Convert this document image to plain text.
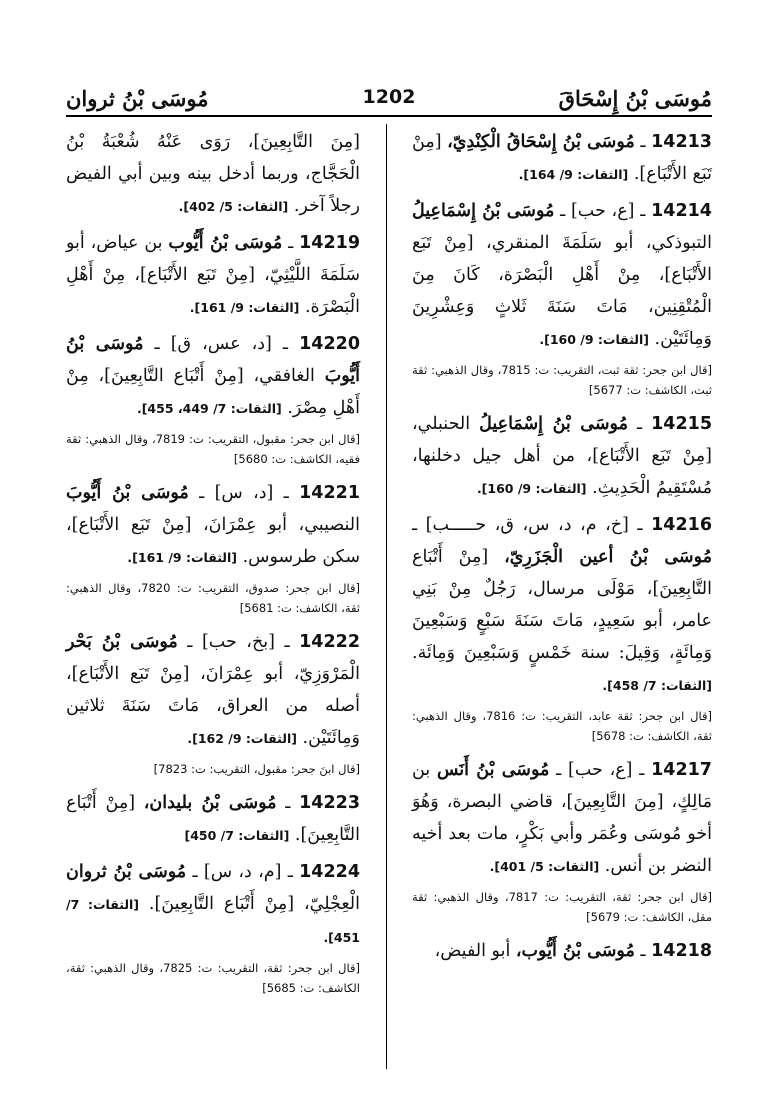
مُوسَى بْنُ إِسْحَاقَ
1202
مُوسَى بْنُ ثروان
14213 ـ مُوسَى بْنُ إِسْحَاقُ الْكِنْدِيّ، [مِنْ تَبَع الأَتْبَاع]. [الثقات: 9/ 164].
14214 ـ [ع، حب] ـ مُوسَى بْنُ إِسْمَاعِيلُ التبوذكي، أبو سَلَمَةَ المنقري، [مِنْ تَبَع الأَتْبَاع]، مِنْ أَهْلِ الْبَصْرَة، كَانَ مِنَ الْمُتْقِنِين، مَاتَ سَنَةَ ثَلاثٍ وَعِشْرِينَ وَمِائَتَيْن. [الثقات: 9/ 160].
[قال ابن جحر: ثقة ثبت، التقريب: ت: 7815، وقال الذهبي: ثقة ثبت، الكاشف: ت: 5677]
14215 ـ مُوسَى بْنُ إِسْمَاعِيلُ الحنبلي، [مِنْ تَبَع الأَتْبَاع]، من أهل جيل دخلنها، مُسْتَقِيمُ الْحَدِيثِ. [الثقات: 9/ 160].
14216 ـ [خ، م، د، س، ق، حـــــب] ـ مُوسَى بْنُ أعين الْجَزَرِيّ، [مِنْ أَتْبَاع التَّابِعِينَ]، مَوْلَى مرسال، رَجُلٌ مِنْ بَنِي عامر، أبو سَعِيدٍ، مَاتَ سَنَةَ سَبْعٍ وَسَبْعِينَ وَمِائَةٍ، وَقِيلَ: سنة خَمْسٍ وَسَبْعِينَ وَمِائَة. [الثقات: 7/ 458].
[قال ابن جحر: ثقة عابد، التقريب: ت: 7816، وقال الذهبي: ثقة، الكاشف: ت: 5678]
14217 ـ [ع، حب] ـ مُوسَى بْنُ أَنَس بن مَالِكٍ، [مِنَ التَّابِعِينَ]، قاضي البصرة، وَهُوَ أخو مُوسَى وعُمَر وأبي بَكْرٍ، مات بعد أخيه النضر بن أنس. [الثقات: 5/ 401].
[قال ابن جحر: ثقة، التقريب: ت: 7817، وقال الذهبي: ثقة مقل، الكاشف: ت: 5679]
14218 ـ مُوسَى بْنُ أَيُّوب، أبو الفيض،
[مِنَ التَّابِعِينَ]، رَوَى عَنْهُ شُعْبَةُ بْنُ الْحَجَّاج، وربما أدخل بينه وبين أبي الفيض رجلاً آخر. [الثقات: 5/ 402].
14219 ـ مُوسَى بْنُ أَيُّوب بن عياض، أبو سَلَمَةَ اللَّيْثِيّ، [مِنْ تَبَع الأَتْبَاع]، مِنْ أَهْلِ الْبَصْرَة. [الثقات: 9/ 161].
14220 ـ [د، عس، ق] ـ مُوسَى بْنُ أَيُّوبَ الغافقي، [مِنْ أَتْبَاع التَّابِعِينَ]، مِنْ أَهْلِ مِصْرَ. [الثقات: 7/ 449، 455].
[قال ابن جحر: مقبول، التقريب: ت: 7819، وقال الذهبي: ثقة فقيه، الكاشف: ت: 5680]
14221 ـ [د، س] ـ مُوسَى بْنُ أَيُّوبَ النصيبي، أبو عِمْرَانَ، [مِنْ تَبَع الأَتْبَاع]، سكن طرسوس. [الثقات: 9/ 161].
[قال ابن جحر: صدوق، التقريب: ت: 7820، وقال الذهبي: ثقة، الكاشف: ت: 5681]
14222 ـ [بخ، حب] ـ مُوسَى بْنُ بَحْر الْمَرْوَزِيّ، أبو عِمْرَانَ، [مِنْ تَبَع الأَتْبَاع]، أصله من العراق، مَاتَ سَنَةَ ثلاثين وَمِائَتَيْن. [الثقات: 9/ 162].
[قال ابنَ جحر: مقبول، التقريب: ت: 7823]
14223 ـ مُوسَى بْنُ بليدان، [مِنْ أَتْبَاع التَّابِعِينَ]. [الثقات: 7/ 450]
14224 ـ [م، د، س] ـ مُوسَى بْنُ ثروان الْعِجْلِيّ، [مِنْ أَتْبَاع التَّابِعِينَ]. [الثقات: 7/ 451].
[قال ابن جحر: ثقة، التقريب: ت: 7825، وقال الذهبي: ثقة، الكاشف: ت: 5685]
